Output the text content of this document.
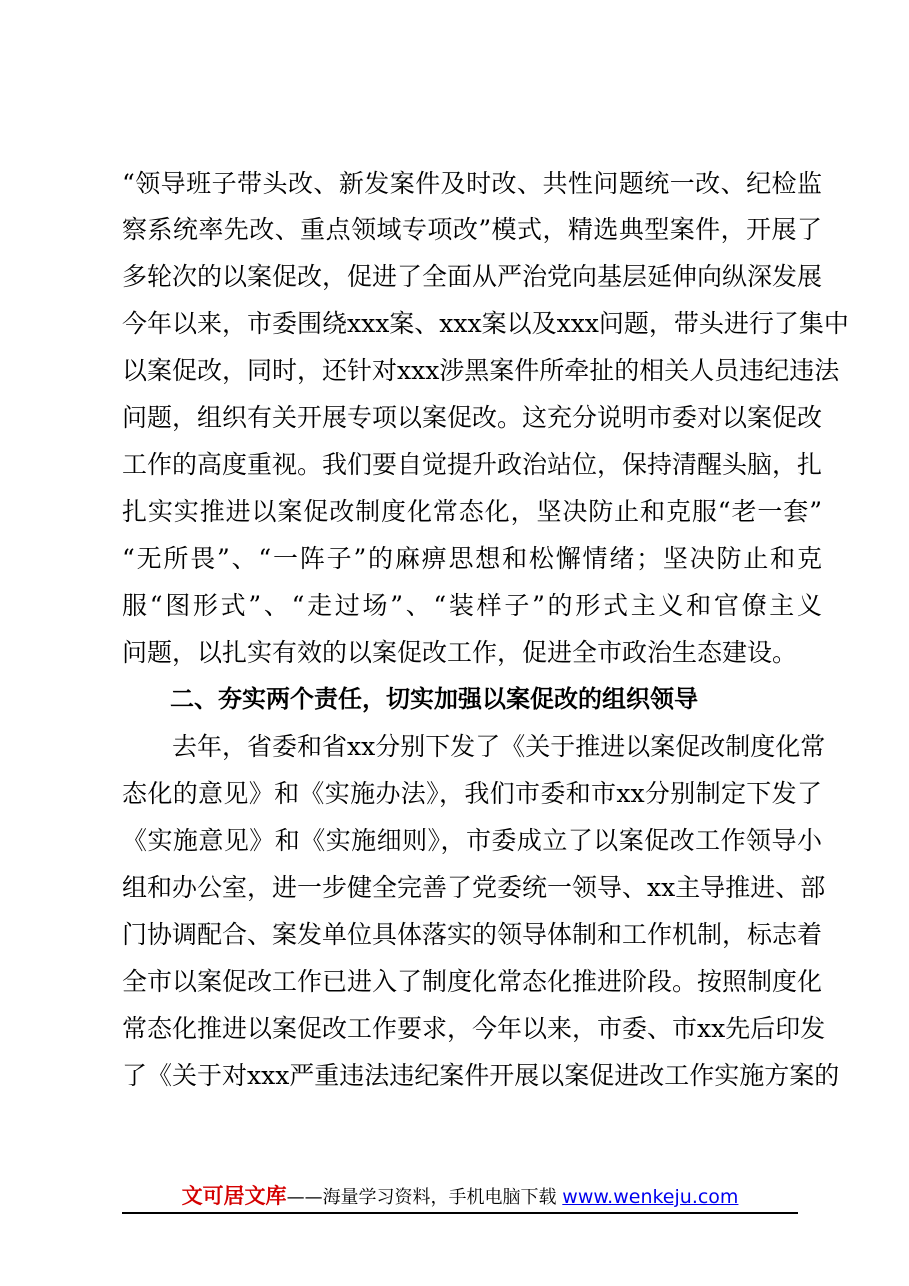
“领导班子带头改、新发案件及时改、共性问题统一改、纪检监
察系统率先改、重点领域专项改”模式，精选典型案件，开展了
多轮次的以案促改，促进了全面从严治党向基层延伸向纵深发展
今年以来，市委围绕xxx案、xxx案以及xxx问题，带头进行了集中
以案促改，同时，还针对xxx涉黑案件所牵扯的相关人员违纪违法
问题，组织有关开展专项以案促改。这充分说明市委对以案促改
工作的高度重视。我们要自觉提升政治站位，保持清醒头脑，扎
扎实实推进以案促改制度化常态化，坚决防止和克服“老一套”
“无所畏”、“一阵子”的麻痹思想和松懈情绪；坚决防止和克
服“图形式”、“走过场”、“装样子”的形式主义和官僚主义
问题，以扎实有效的以案促改工作，促进全市政治生态建设。
二、夯实两个责任，切实加强以案促改的组织领导
去年，省委和省xx分别下发了《关于推进以案促改制度化常
态化的意见》和《实施办法》，我们市委和市xx分别制定下发了
《实施意见》和《实施细则》，市委成立了以案促改工作领导小
组和办公室，进一步健全完善了党委统一领导、xx主导推进、部
门协调配合、案发单位具体落实的领导体制和工作机制，标志着
全市以案促改工作已进入了制度化常态化推进阶段。按照制度化
常态化推进以案促改工作要求，今年以来，市委、市xx先后印发
了《关于对xxx严重违法违纪案件开展以案促进改工作实施方案的
文可居文库——海量学习资料，手机电脑下载 www.wenkeju.com
